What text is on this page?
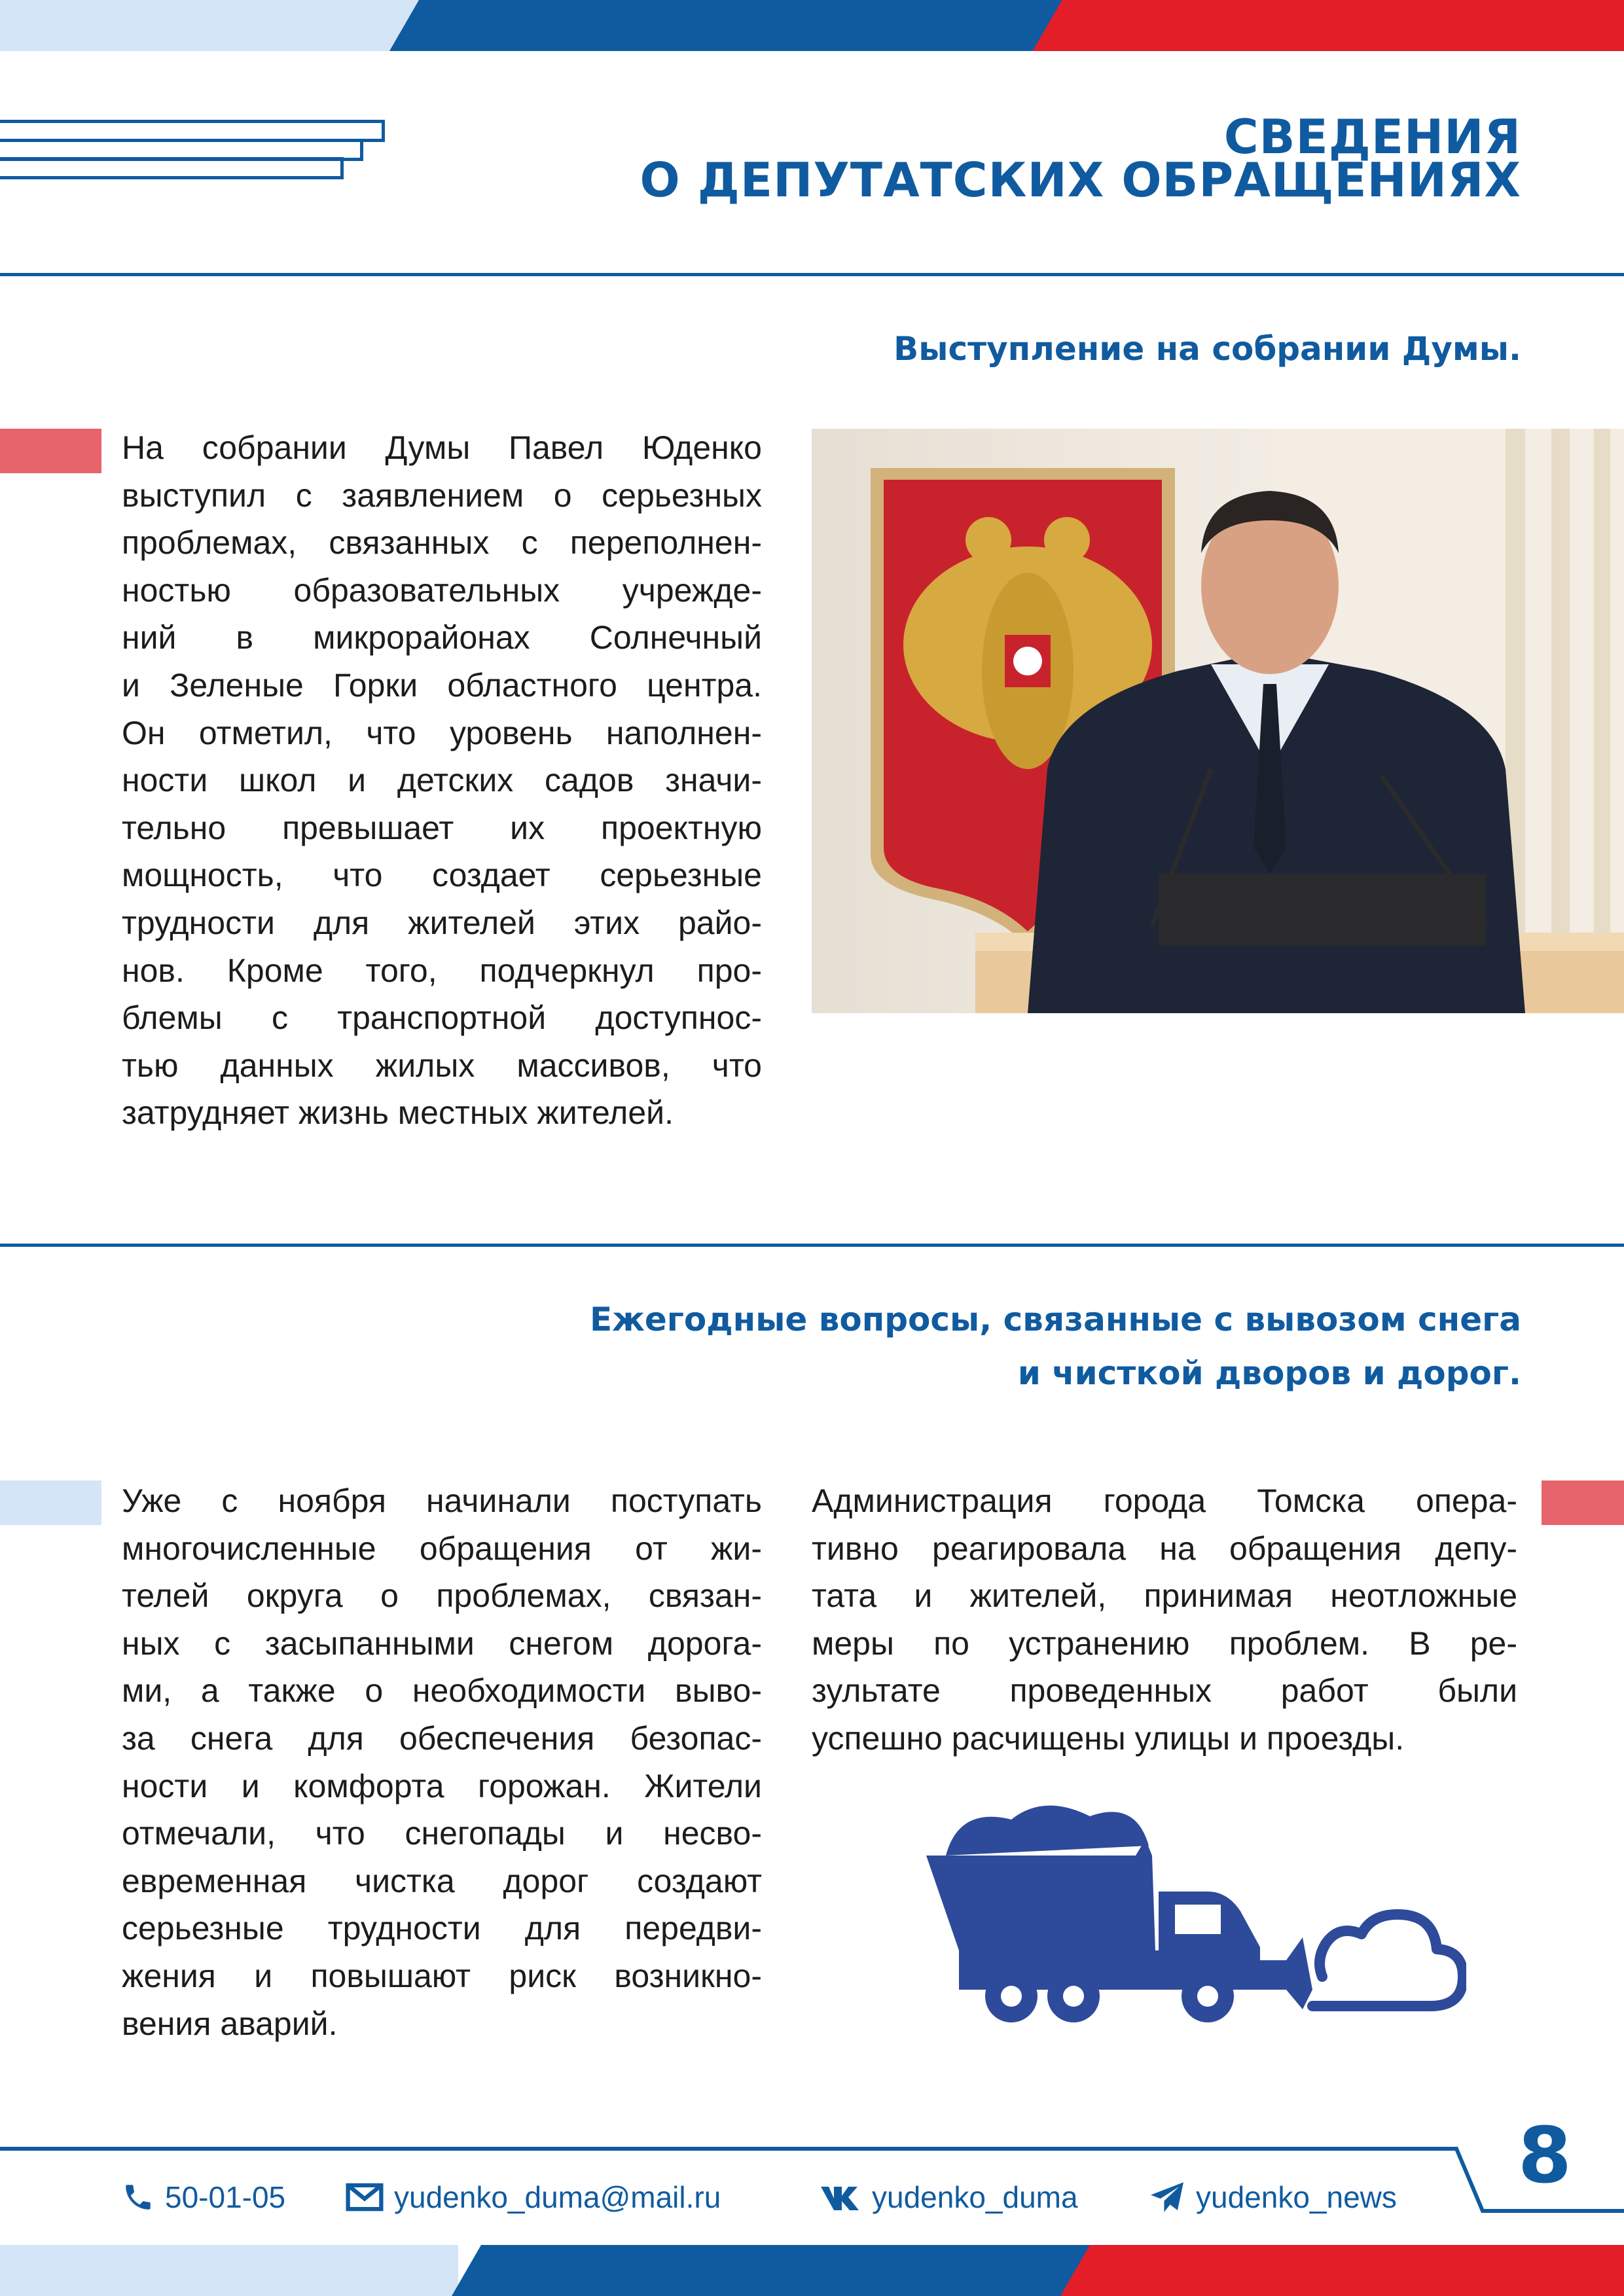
СВЕДЕНИЯ
О ДЕПУТАТСКИХ ОБРАЩЕНИЯХ
Выступление на собрании Думы.
На собрании Думы Павел Юденко
выступил с заявлением о серьезных
проблемах, связанных с переполнен-
ностью образовательных учрежде-
ний в микрорайонах Солнечный
и Зеленые Горки областного центра.
Он отметил, что уровень наполнен-
ности школ и детских садов значи-
тельно превышает их проектную
мощность, что создает серьезные
трудности для жителей этих райо-
нов. Кроме того, подчеркнул про-
блемы с транспортной доступнос-
тью данных жилых массивов, что
затрудняет жизнь местных жителей.
Ежегодные вопросы, связанные с вывозом снега
и чисткой дворов и дорог.
Уже с ноября начинали поступать
многочисленные обращения от жи-
телей округа о проблемах, связан-
ных с засыпанными снегом дорога-
ми, а также о необходимости выво-
за снега для обеспечения безопас-
ности и комфорта горожан. Жители
отмечали, что снегопады и несво-
евременная чистка дорог создают
серьезные трудности для передви-
жения и повышают риск возникно-
вения аварий.
Администрация города Томска опера-
тивно реагировала на обращения депу-
тата и жителей, принимая неотложные
меры по устранению проблем. В ре-
зультате проведенных работ были
успешно расчищены улицы и проезды.
8
50-01-05	yudenko_duma@mail.ru	yudenko_duma	yudenko_news
